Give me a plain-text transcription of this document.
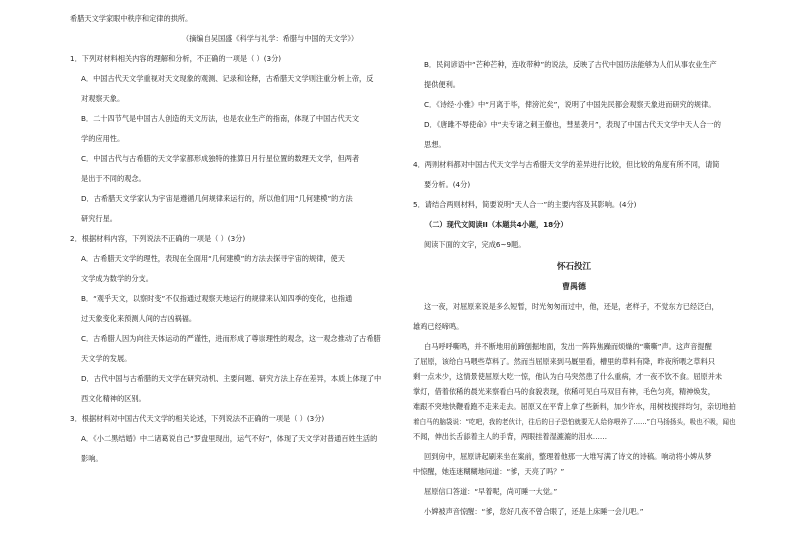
希腊天文学家眼中秩序和定律的拱所。
（摘编自吴国盛《科学与礼学：希腊与中国的天文学》）
1．下列对材料相关内容的理解和分析，不正确的一项是（ ）(3分)
A．中国古代天文学重视对天文现象的观测、记录和诠释，古希腊天文学则注重分析上帝，反
对观察天象。
B．二十四节气是中国古人创造的天文历法，也是农业生产的指南，体现了中国古代天文
学的应用性。
C．中国古代与古希腊的天文学家都形成独特的推算日月行星位置的数理天文学，但两者
是出于不同的观念。
D．古希腊天文学家认为宇宙是遵循几何规律来运行的，所以他们用“几何建模”的方法
研究行星。
2．根据材料内容，下列说法不正确的一项是（ ）(3分)
A．古希腊天文学的理性，表现在全面用“几何建模”的方法去探寻宇宙的规律，使天
文学成为数学的分支。
B．“观乎天文，以察时变”不仅指通过观察天地运行的规律来认知四季的变化，也指通
过天象变化来预测人间的吉凶祸福。
C．古希腊人因为向往天体运动的严谨性，进而形成了尊崇理性的观念，这一观念推动了古希腊
天文学的发展。
D．古代中国与古希腊的天文学在研究动机、主要问题、研究方法上存在差异，本质上体现了中
西文化精神的区别。
3．根据材料对中国古代天文学的相关论述，下列说法不正确的一项是（ ）(3分)
A．《小二黑结婚》中二诸葛说自己“罗盘里现出，运气不好”，体现了天文学对普通百姓生活的
影响。
B．民间谚语中“芒种芒种，连收带种”的说法，反映了古代中国历法能够为人们从事农业生产
提供便利。
C．《诗经·小雅》中“月离于毕，俾滂沱矣”，说明了中国先民都会观察天象进而研究的规律。
D．《唐雎不辱使命》中“夫专诸之刺王僚也，彗星袭月”，表现了中国古代天文学中天人合一的
思想。
4．两则材料都对中国古代天文学与古希腊天文学的差异进行比较，但比较的角度有所不同，请简
要分析。(4分)
5．请结合两则材料，简要说明“天人合一”的主要内容及其影响。(4分)
（二）现代文阅读II（本题共4小题，18分）
阅读下面的文字，完成6~9题。
怀石投江
曹禺德
这一夜，对屈原来说是多么短暂，时光匆匆而过中，他，还是，老样子，不觉东方已经泛白，
雄鸡已经啼鸣。
白马呼呼嘶鸣，并不断地用前蹄刨掘地面，发出一阵阵焦躁而烦燥的“嘶嘶”声。这声音提醒
了屈原，该给白马喂些草料了。然而当屈原来到马厩里看，槽里的草料有降，昨夜所喂之草料只
剩一点未少，这情景使屈原大吃一惊，他认为白马突然患了什么重病，才一夜不饮不食。屈原并未
掌灯，借着依稀的晨光来察看白马的食貌表现，依稀可见白马双目有神，毛色匀亮，精神焕发，
难跟不突地快鞭看跑不走来走去。屈原又在平背上拿了些新料，加少许水，用树枝搅拌均匀，亲切地拍
着白马的脑袋说：“吃吧，我的老伙计，往后的日子恐怕就要无人给你喂养了……”白马扬扬头，吸也不吸，闻也
不闻，伸出长舌舔着主人的手背，两眼挂着湿漉漉的泪水……
回到房中，屈原讲起刷来坐在案前，整理着他那一大堆写满了诗文的诗稿。响动将小婢从梦
中惊醒，她连迷糊糊地问道：“爹，天亮了吗？”
屈原信口答道：“早着呢，尚可睡一大觉。”
小婢被声音惊醒：“爹，您好几夜不曾合眼了，还是上床睡一会儿吧。”
